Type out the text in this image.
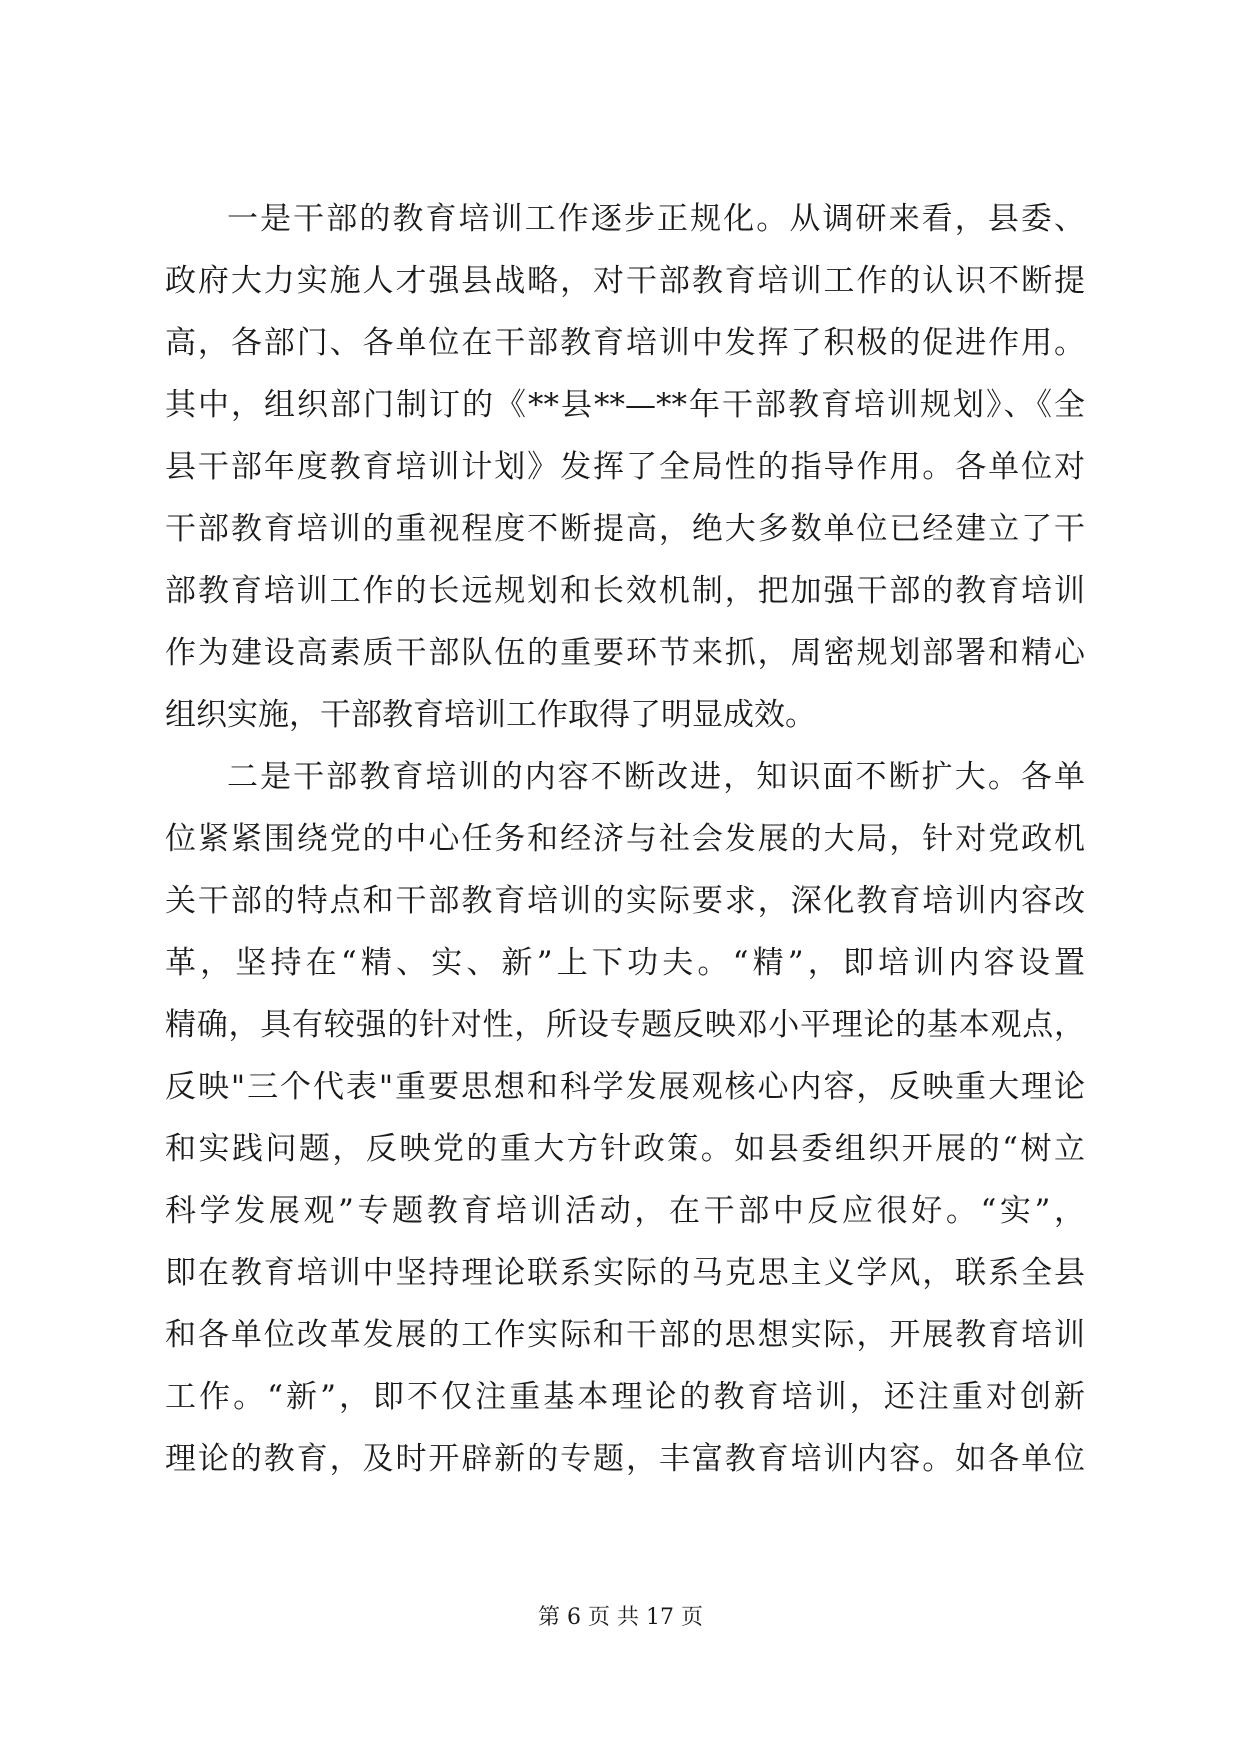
一是干部的教育培训工作逐步正规化。从调研来看，县委、
政府大力实施人才强县战略，对干部教育培训工作的认识不断提
高，各部门、各单位在干部教育培训中发挥了积极的促进作用。
其中，组织部门制订的《**县**—**年干部教育培训规划》、《全
县干部年度教育培训计划》发挥了全局性的指导作用。各单位对
干部教育培训的重视程度不断提高，绝大多数单位已经建立了干
部教育培训工作的长远规划和长效机制，把加强干部的教育培训
作为建设高素质干部队伍的重要环节来抓，周密规划部署和精心
组织实施，干部教育培训工作取得了明显成效。
二是干部教育培训的内容不断改进，知识面不断扩大。各单
位紧紧围绕党的中心任务和经济与社会发展的大局，针对党政机
关干部的特点和干部教育培训的实际要求，深化教育培训内容改
革，坚持在“精、实、新”上下功夫。“精”，即培训内容设置
精确，具有较强的针对性，所设专题反映邓小平理论的基本观点，
反映"三个代表"重要思想和科学发展观核心内容，反映重大理论
和实践问题，反映党的重大方针政策。如县委组织开展的“树立
科学发展观”专题教育培训活动，在干部中反应很好。“实”，
即在教育培训中坚持理论联系实际的马克思主义学风，联系全县
和各单位改革发展的工作实际和干部的思想实际，开展教育培训
工作。“新”，即不仅注重基本理论的教育培训，还注重对创新
理论的教育，及时开辟新的专题，丰富教育培训内容。如各单位
第 6 页 共 17 页
